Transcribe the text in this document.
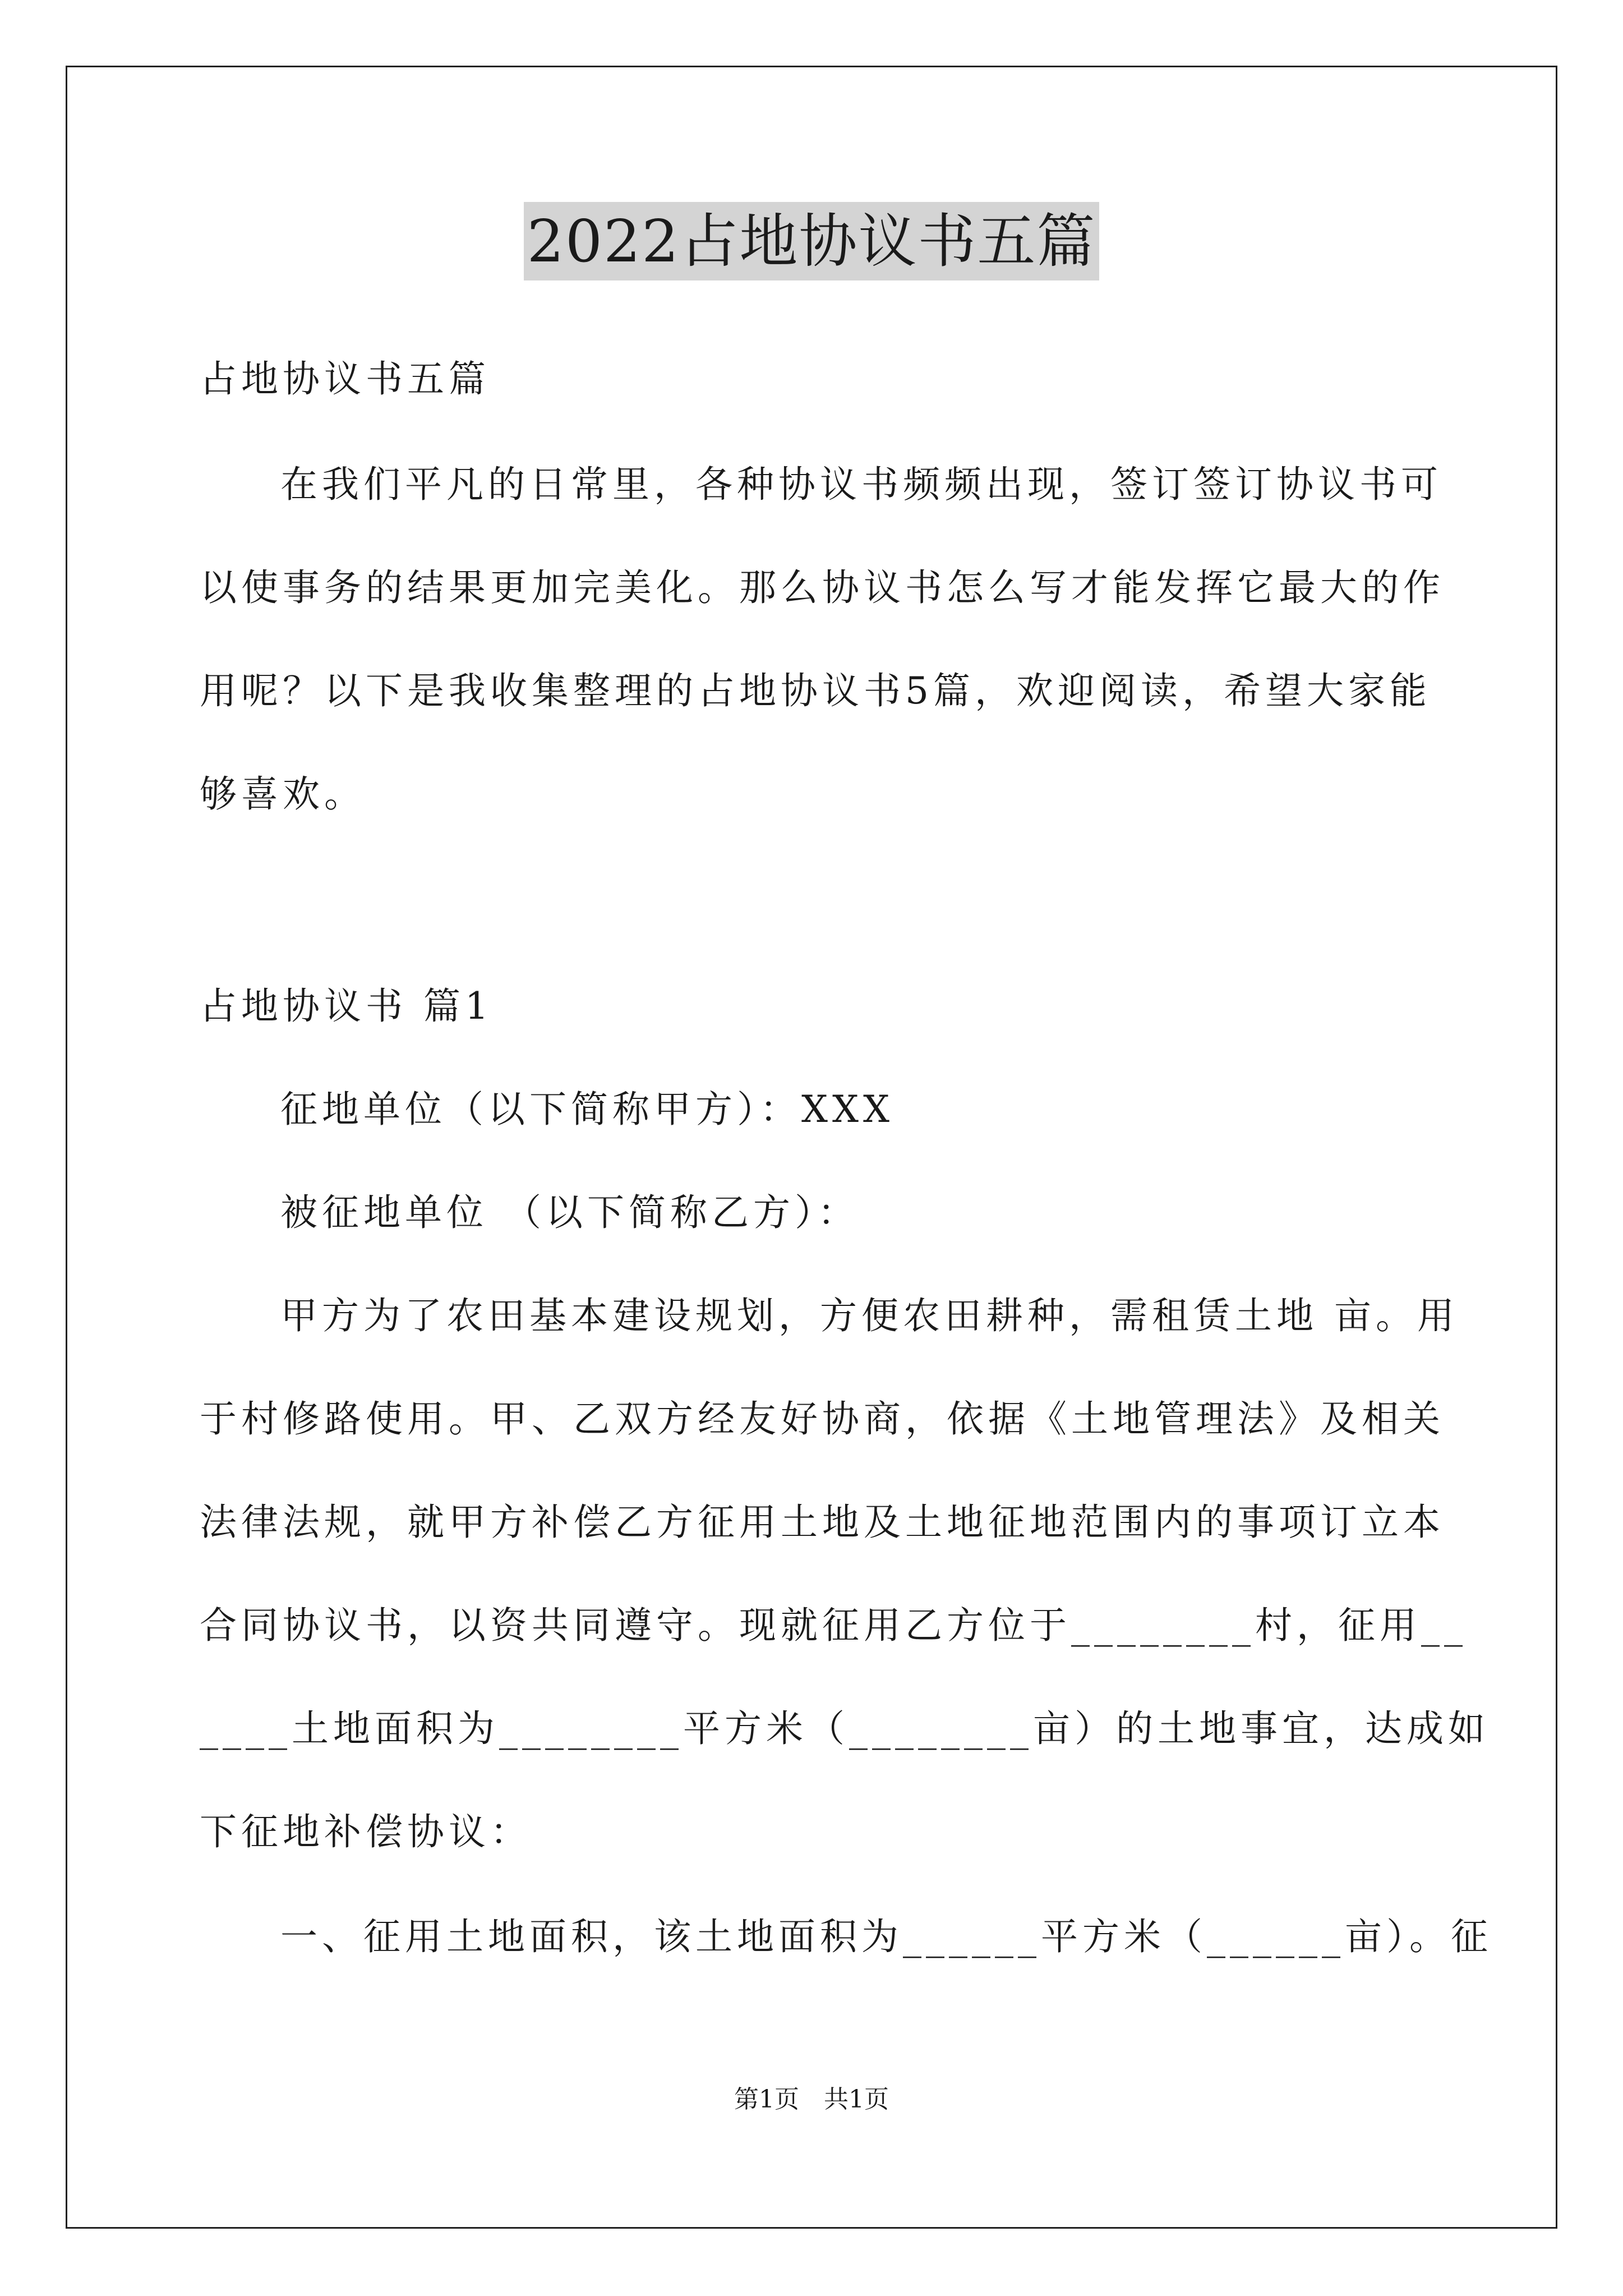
2022占地协议书五篇
占地协议书五篇
在我们平凡的日常里，各种协议书频频出现，签订签订协议书可
以使事务的结果更加完美化。那么协议书怎么写才能发挥它最大的作
用呢？以下是我收集整理的占地协议书5篇，欢迎阅读，希望大家能
够喜欢。
占地协议书 篇1
征地单位（以下简称甲方）：XXX
被征地单位 （以下简称乙方）：
甲方为了农田基本建设规划，方便农田耕种，需租赁土地 亩。用
于村修路使用。甲、乙双方经友好协商，依据《土地管理法》及相关
法律法规，就甲方补偿乙方征用土地及土地征地范围内的事项订立本
合同协议书，以资共同遵守。现就征用乙方位于________村，征用__
____土地面积为________平方米（________亩）的土地事宜，达成如
下征地补偿协议：
一、征用土地面积，该土地面积为______平方米（______亩）。征
第1页　共1页
